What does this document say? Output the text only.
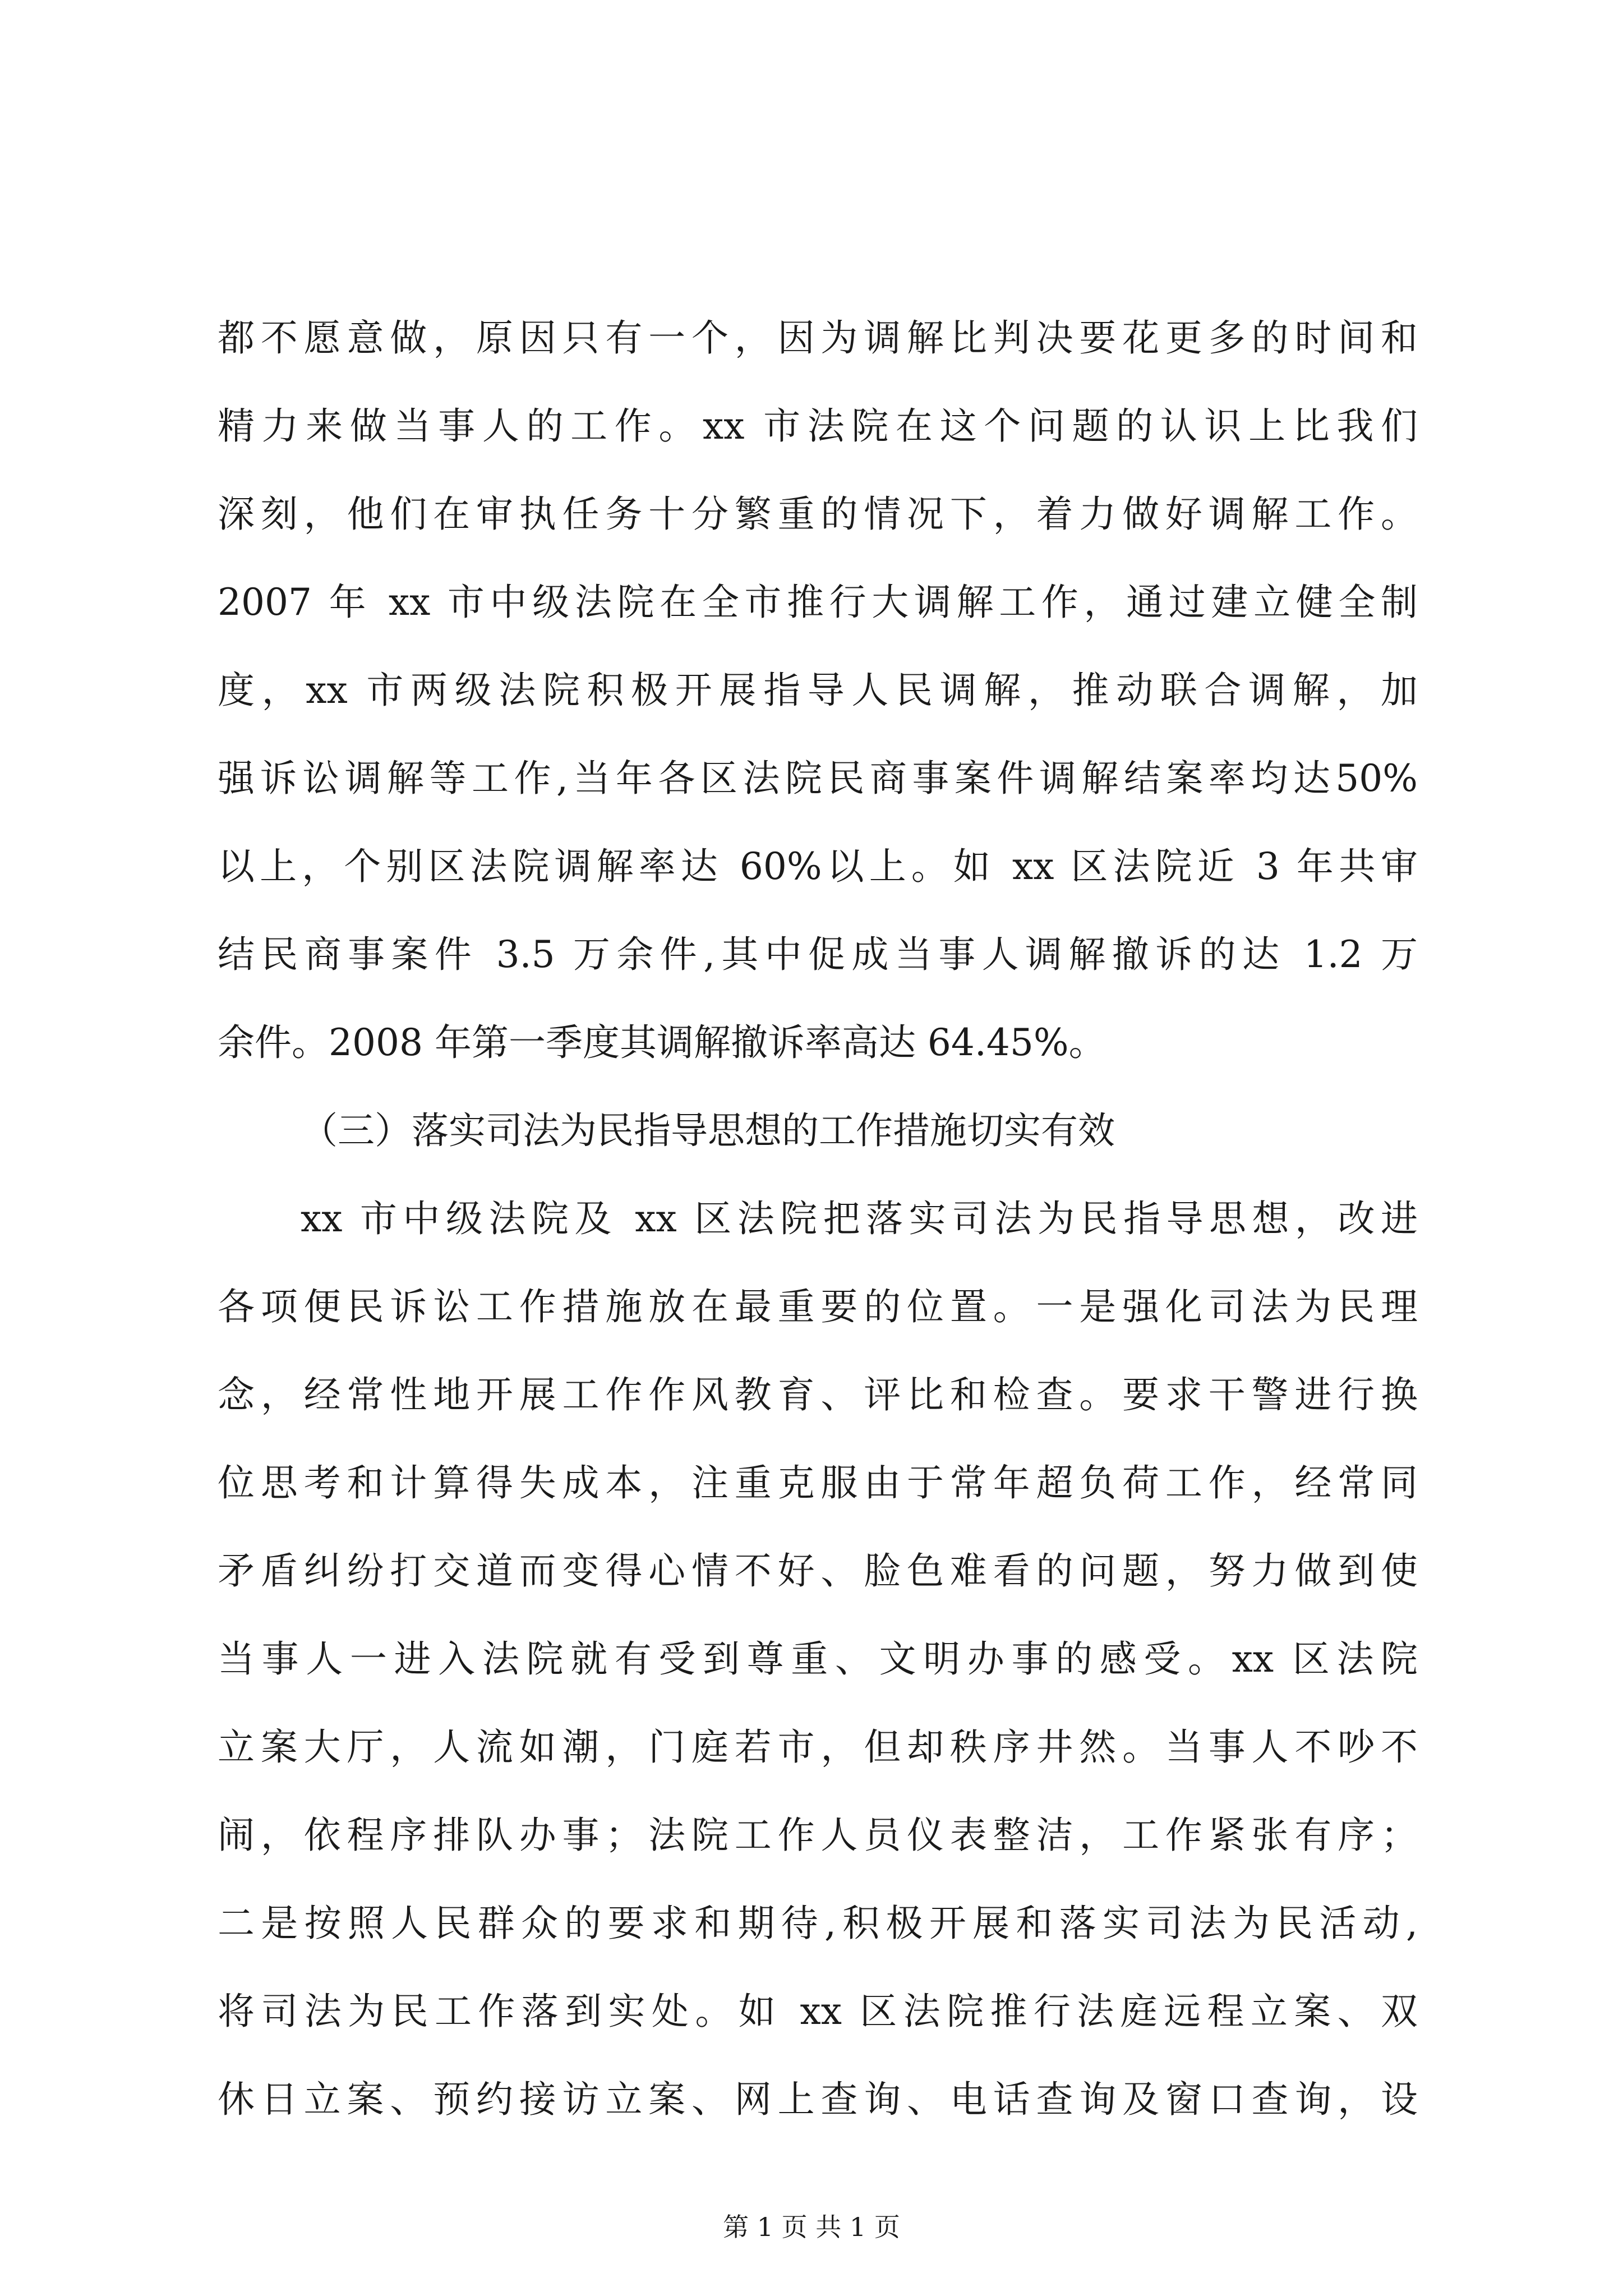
都不愿意做，原因只有一个，因为调解比判决要花更多的时间和
精力来做当事人的工作。xx 市法院在这个问题的认识上比我们
深刻，他们在审执任务十分繁重的情况下，着力做好调解工作。
2007 年 xx 市中级法院在全市推行大调解工作，通过建立健全制
度，xx 市两级法院积极开展指导人民调解，推动联合调解，加
强诉讼调解等工作,当年各区法院民商事案件调解结案率均达50%
以上，个别区法院调解率达 60%以上。如 xx 区法院近 3 年共审
结民商事案件 3.5 万余件,其中促成当事人调解撤诉的达 1.2 万
余件。2008 年第一季度其调解撤诉率高达 64.45%。
（三）落实司法为民指导思想的工作措施切实有效
xx 市中级法院及 xx 区法院把落实司法为民指导思想，改进
各项便民诉讼工作措施放在最重要的位置。一是强化司法为民理
念，经常性地开展工作作风教育、评比和检查。要求干警进行换
位思考和计算得失成本，注重克服由于常年超负荷工作，经常同
矛盾纠纷打交道而变得心情不好、脸色难看的问题，努力做到使
当事人一进入法院就有受到尊重、文明办事的感受。xx 区法院
立案大厅，人流如潮，门庭若市，但却秩序井然。当事人不吵不
闹，依程序排队办事；法院工作人员仪表整洁，工作紧张有序；
二是按照人民群众的要求和期待,积极开展和落实司法为民活动,
将司法为民工作落到实处。如 xx 区法院推行法庭远程立案、双
休日立案、预约接访立案、网上查询、电话查询及窗口查询，设
第 1 页 共 1 页
